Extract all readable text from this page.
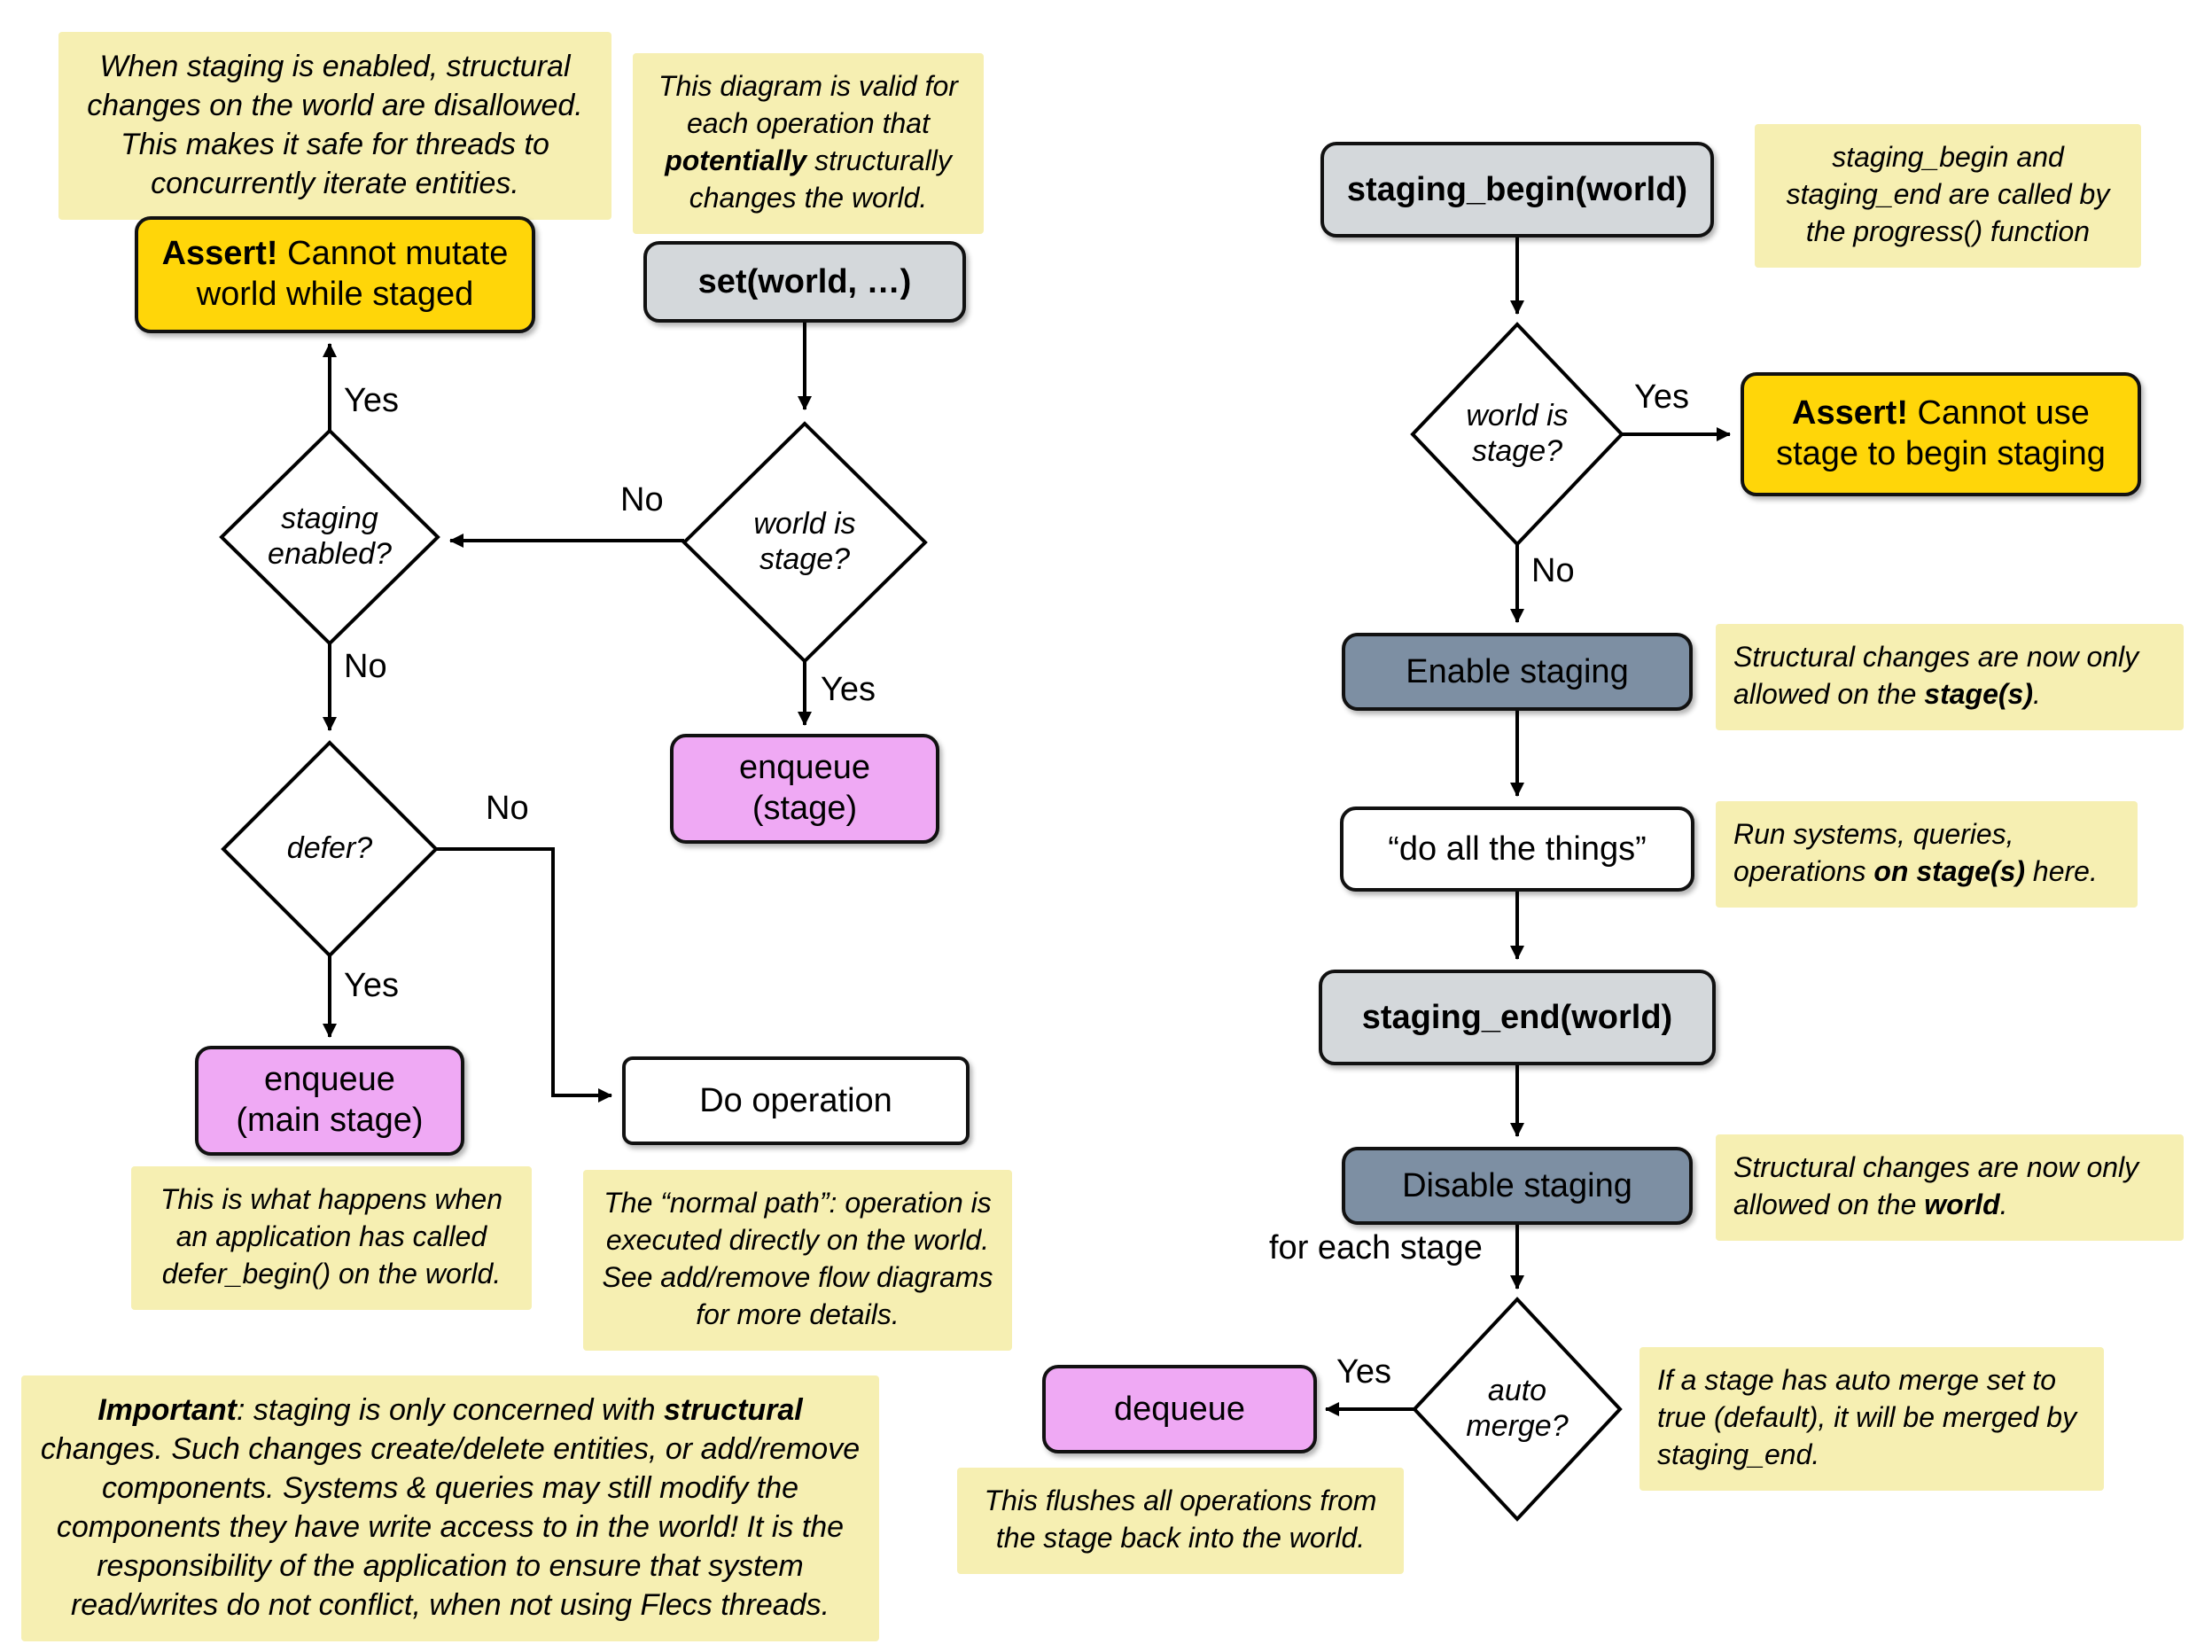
When staging is enabled, structural changes on the world are disallowed. This makes it safe for threads to concurrently iterate entities.
This diagram is valid for each operation that potentially structurally changes the world.
Assert! Cannot mutate world while staged	set(world, …)
staging
enabled?
world is
stage?
defer?
Yes
No
No
Yes
No
Yes
enqueue
(stage)
enqueue
(main stage)
Do operation
This is what happens when an application has called defer_begin() on the world.
The “normal path”: operation is executed directly on the world. See add/remove flow diagrams for more details.
Important: staging is only concerned with structural changes. Such changes create/delete entities, or add/remove components. Systems & queries may still modify the components they have write access to in the world! It is the responsibility of the application to ensure that system read/writes do not conflict, when not using Flecs threads.
staging_begin(world)
staging_begin and staging_end are called by the progress() function
world is
stage?
Yes
No
Assert! Cannot use stage to begin staging
Enable staging	Structural changes are now only allowed on the stage(s).
“do all the things”	Run systems, queries, operations on stage(s) here.
staging_end(world)
Disable staging	Structural changes are now only allowed on the world.
for each stage
auto
merge?
Yes
dequeue
This flushes all operations from the stage back into the world.
If a stage has auto merge set to true (default), it will be merged by staging_end.
